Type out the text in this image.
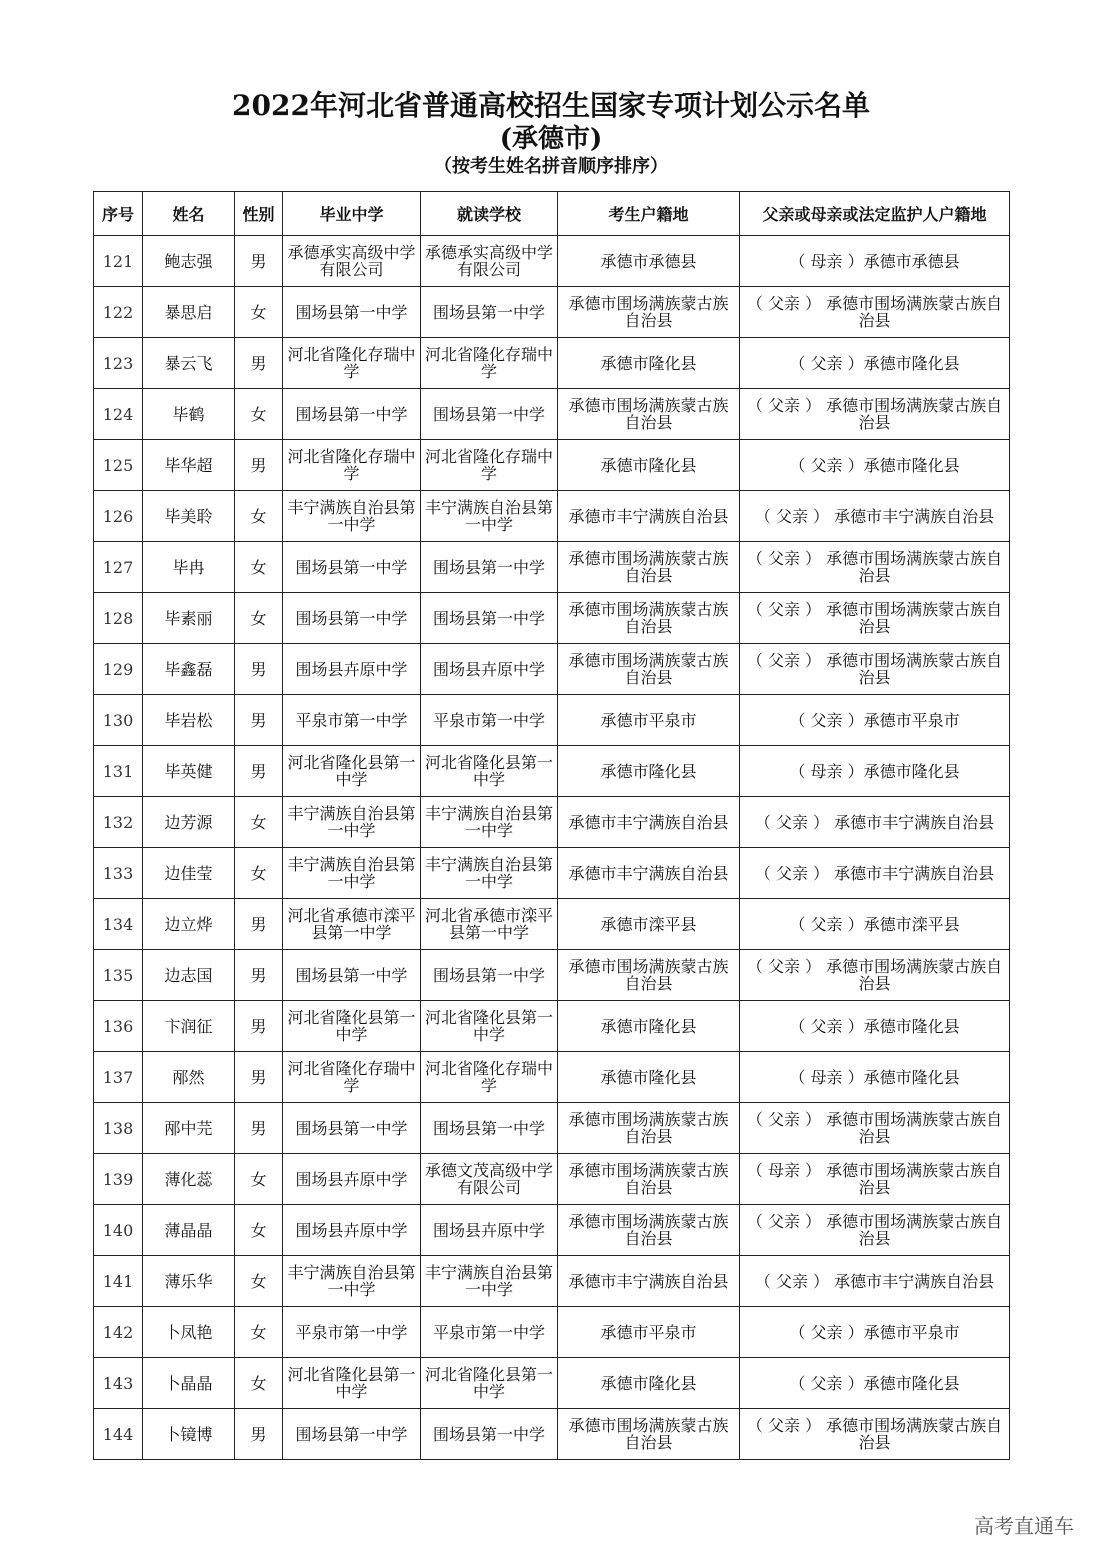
2022年河北省普通高校招生国家专项计划公示名单
(承德市)
（按考生姓名拼音顺序排序）
序号	姓名	性别	毕业中学	就读学校	考生户籍地	父亲或母亲或法定监护人户籍地
121	鲍志强	男	承德承实高级中学有限公司	承德承实高级中学有限公司	承德市承德县	（ 母亲 ）承德市承德县
122	暴思启	女	围场县第一中学	围场县第一中学	承德市围场满族蒙古族自治县	（ 父亲 ） 承德市围场满族蒙古族自治县
123	暴云飞	男	河北省隆化存瑞中学	河北省隆化存瑞中学	承德市隆化县	（ 父亲 ）承德市隆化县
124	毕鹤	女	围场县第一中学	围场县第一中学	承德市围场满族蒙古族自治县	（ 父亲 ） 承德市围场满族蒙古族自治县
125	毕华超	男	河北省隆化存瑞中学	河北省隆化存瑞中学	承德市隆化县	（ 父亲 ）承德市隆化县
126	毕美聆	女	丰宁满族自治县第一中学	丰宁满族自治县第一中学	承德市丰宁满族自治县	（ 父亲 ） 承德市丰宁满族自治县
127	毕冉	女	围场县第一中学	围场县第一中学	承德市围场满族蒙古族自治县	（ 父亲 ） 承德市围场满族蒙古族自治县
128	毕素丽	女	围场县第一中学	围场县第一中学	承德市围场满族蒙古族自治县	（ 父亲 ） 承德市围场满族蒙古族自治县
129	毕鑫磊	男	围场县卉原中学	围场县卉原中学	承德市围场满族蒙古族自治县	（ 父亲 ） 承德市围场满族蒙古族自治县
130	毕岩松	男	平泉市第一中学	平泉市第一中学	承德市平泉市	（ 父亲 ）承德市平泉市
131	毕英健	男	河北省隆化县第一中学	河北省隆化县第一中学	承德市隆化县	（ 母亲 ）承德市隆化县
132	边芳源	女	丰宁满族自治县第一中学	丰宁满族自治县第一中学	承德市丰宁满族自治县	（ 父亲 ） 承德市丰宁满族自治县
133	边佳莹	女	丰宁满族自治县第一中学	丰宁满族自治县第一中学	承德市丰宁满族自治县	（ 父亲 ） 承德市丰宁满族自治县
134	边立烨	男	河北省承德市滦平县第一中学	河北省承德市滦平县第一中学	承德市滦平县	（ 父亲 ）承德市滦平县
135	边志国	男	围场县第一中学	围场县第一中学	承德市围场满族蒙古族自治县	（ 父亲 ） 承德市围场满族蒙古族自治县
136	卞润征	男	河北省隆化县第一中学	河北省隆化县第一中学	承德市隆化县	（ 父亲 ）承德市隆化县
137	邴然	男	河北省隆化存瑞中学	河北省隆化存瑞中学	承德市隆化县	（ 母亲 ）承德市隆化县
138	邴中芫	男	围场县第一中学	围场县第一中学	承德市围场满族蒙古族自治县	（ 父亲 ） 承德市围场满族蒙古族自治县
139	薄化蕊	女	围场县卉原中学	承德文茂高级中学有限公司	承德市围场满族蒙古族自治县	（ 母亲 ） 承德市围场满族蒙古族自治县
140	薄晶晶	女	围场县卉原中学	围场县卉原中学	承德市围场满族蒙古族自治县	（ 父亲 ） 承德市围场满族蒙古族自治县
141	薄乐华	女	丰宁满族自治县第一中学	丰宁满族自治县第一中学	承德市丰宁满族自治县	（ 父亲 ） 承德市丰宁满族自治县
142	卜凤艳	女	平泉市第一中学	平泉市第一中学	承德市平泉市	（ 父亲 ）承德市平泉市
143	卜晶晶	女	河北省隆化县第一中学	河北省隆化县第一中学	承德市隆化县	（ 父亲 ）承德市隆化县
144	卜镜博	男	围场县第一中学	围场县第一中学	承德市围场满族蒙古族自治县	（ 父亲 ） 承德市围场满族蒙古族自治县
高考直通车
